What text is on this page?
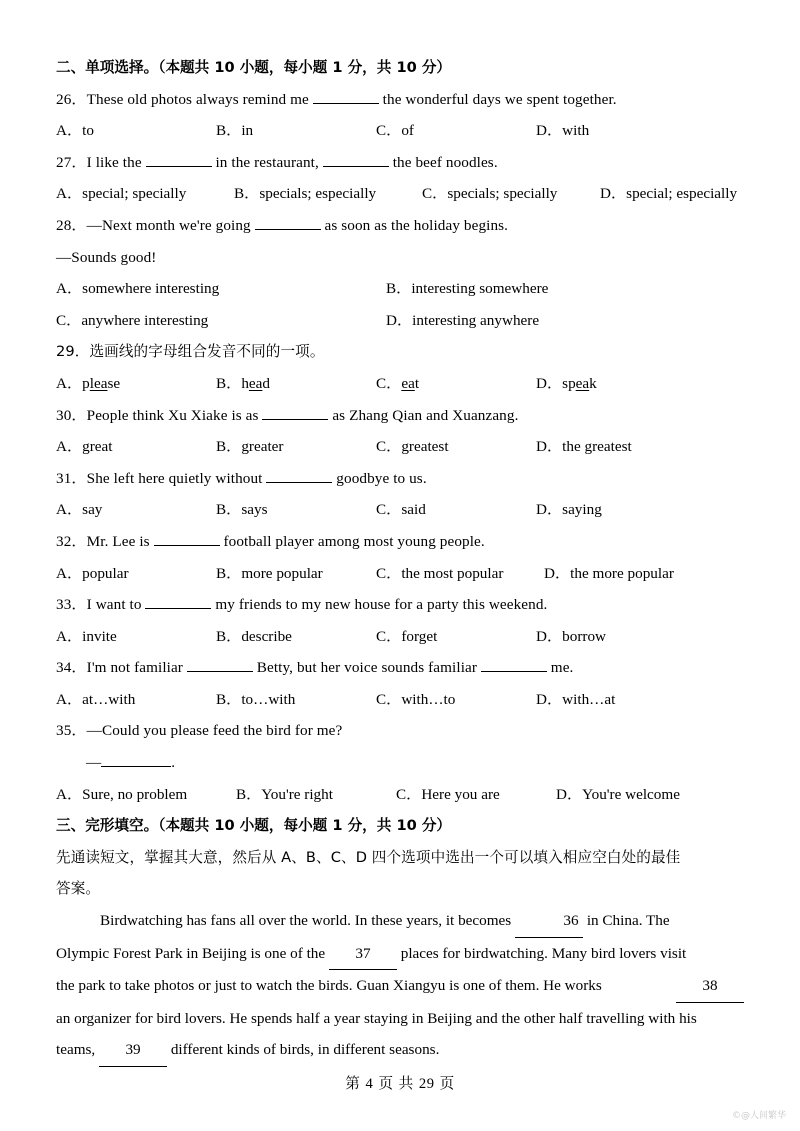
二、单项选择。（本题共 10 小题，每小题 1 分，共 10 分）
26．These old photos always remind me	the wonderful days we spent together.
A．to	B．in	C．of	D．with
27．I like the	in the restaurant,	the beef noodles.
A．special; specially	B．specials; especially	C．specials; specially	D．special; especially
28．—Next month we're going	as soon as the holiday begins.
—Sounds good!
A．somewhere interesting	B．interesting somewhere
C．anywhere interesting	D．interesting anywhere
29．选画线的字母组合发音不同的一项。
A．please	B．head	C．eat	D．speak
30．People think Xu Xiake is as	as Zhang Qian and Xuanzang.
A．great	B．greater	C．greatest	D．the greatest
31．She left here quietly without	goodbye to us.
A．say	B．says	C．said	D．saying
32．Mr. Lee is	football player among most young people.
A．popular	B．more popular	C．the most popular	D．the more popular
33．I want to	my friends to my new house for a party this weekend.
A．invite	B．describe	C．forget	D．borrow
34．I'm not familiar	Betty, but her voice sounds familiar	me.
A．at…with	B．to…with	C．with…to	D．with…at
35．—Could you please feed the bird for me?
—	.
A．Sure, no problem	B．You're right	C．Here you are	D．You're welcome
三、完形填空。（本题共 10 小题，每小题 1 分，共 10 分）
先通读短文，掌握其大意，然后从 A、B、C、D 四个选项中选出一个可以填入相应空白处的最佳
答案。
Birdwatching has fans all over the world. In these years, it becomes	36 in China. The
Olympic Forest Park in Beijing is one of the 37 places for birdwatching. Many bird lovers visit
the park to take photos or just to watch the birds. Guan Xiangyu is one of them. He works	38
an organizer for bird lovers. He spends half a year staying in Beijing and the other half travelling with his
teams, 39 different kinds of birds, in different seasons.
第 4 页 共 29 页
©@人间繁华
